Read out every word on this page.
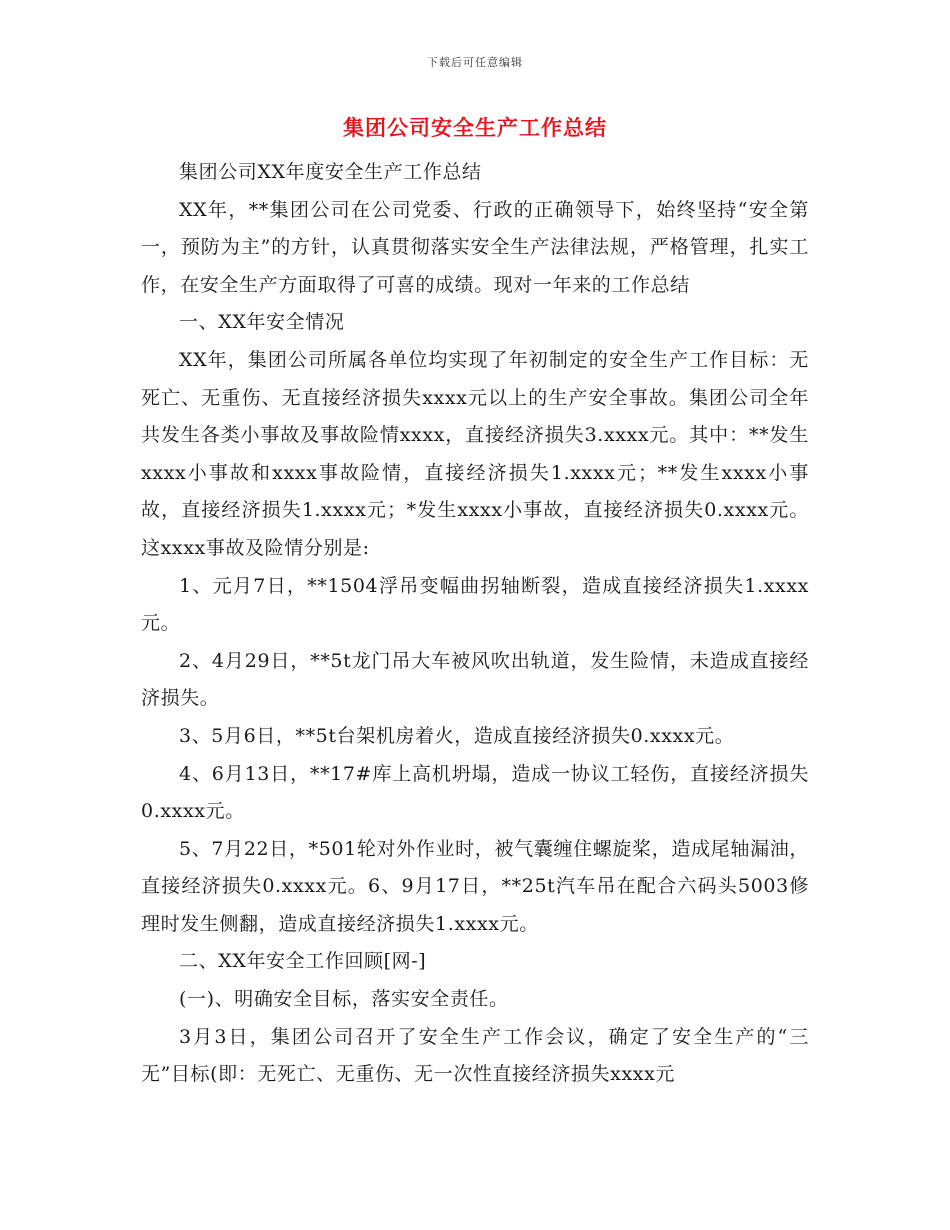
下载后可任意编辑
集团公司安全生产工作总结

集团公司XX年度安全生产工作总结

XX年，**集团公司在公司党委、行政的正确领导下，始终坚持“安全第一，预防为主”的方针，认真贯彻落实安全生产法律法规，严格管理，扎实工作，在安全生产方面取得了可喜的成绩。现对一年来的工作总结

一、XX年安全情况

XX年，集团公司所属各单位均实现了年初制定的安全生产工作目标：无死亡、无重伤、无直接经济损失xxxx元以上的生产安全事故。集团公司全年共发生各类小事故及事故险情xxxx，直接经济损失3.xxxx元。其中：**发生xxxx小事故和xxxx事故险情，直接经济损失1.xxxx元；**发生xxxx小事故，直接经济损失1.xxxx元；*发生xxxx小事故，直接经济损失0.xxxx元。这xxxx事故及险情分别是:

1、元月7日，**1504浮吊变幅曲拐轴断裂，造成直接经济损失1.xxxx元。

2、4月29日，**5t龙门吊大车被风吹出轨道，发生险情，未造成直接经济损失。

3、5月6日，**5t台架机房着火，造成直接经济损失0.xxxx元。

4、6月13日，**17#库上高机坍塌，造成一协议工轻伤，直接经济损失0.xxxx元。

5、7月22日，*501轮对外作业时，被气囊缠住螺旋桨，造成尾轴漏油，直接经济损失0.xxxx元。6、9月17日，**25t汽车吊在配合六码头5003修理时发生侧翻，造成直接经济损失1.xxxx元。

二、XX年安全工作回顾[网-]

(一)、明确安全目标，落实安全责任。

3月3日，集团公司召开了安全生产工作会议，确定了安全生产的“三无”目标(即：无死亡、无重伤、无一次性直接经济损失xxxx元
